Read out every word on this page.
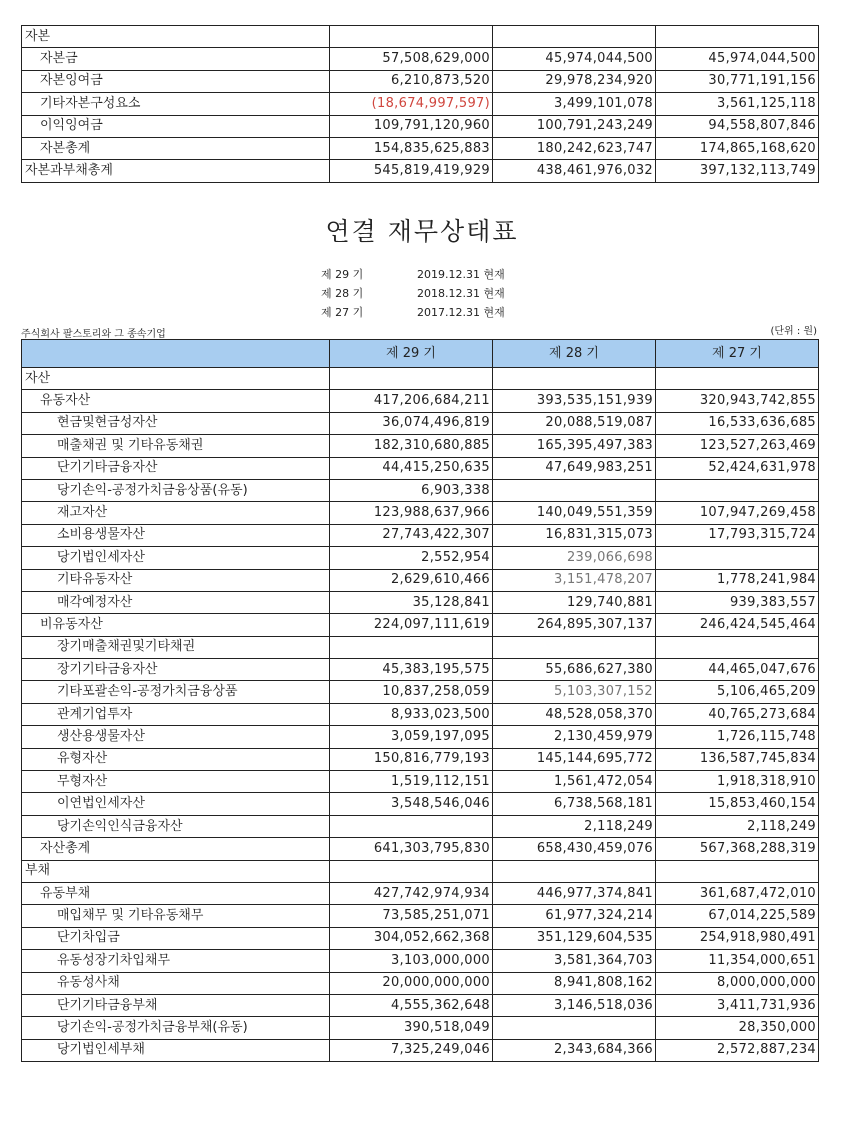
자본			
자본금	57,508,629,000	45,974,044,500	45,974,044,500
자본잉여금	6,210,873,520	29,978,234,920	30,771,191,156
기타자본구성요소	(18,674,997,597)	3,499,101,078	3,561,125,118
이익잉여금	109,791,120,960	100,791,243,249	94,558,807,846
자본총계	154,835,625,883	180,242,623,747	174,865,168,620
자본과부채총계	545,819,419,929	438,461,976,032	397,132,113,749
연결 재무상태표
제 29 기	2019.12.31 현재
제 28 기	2018.12.31 현재
제 27 기	2017.12.31 현재
주식회사 팔스토리와 그 종속기업	(단위 : 원)
	제 29 기	제 28 기	제 27 기
자산			
유동자산	417,206,684,211	393,535,151,939	320,943,742,855
현금및현금성자산	36,074,496,819	20,088,519,087	16,533,636,685
매출채권 및 기타유동채권	182,310,680,885	165,395,497,383	123,527,263,469
단기기타금융자산	44,415,250,635	47,649,983,251	52,424,631,978
당기손익-공정가치금융상품(유동)	6,903,338		
재고자산	123,988,637,966	140,049,551,359	107,947,269,458
소비용생물자산	27,743,422,307	16,831,315,073	17,793,315,724
당기법인세자산	2,552,954	239,066,698	
기타유동자산	2,629,610,466	3,151,478,207	1,778,241,984
매각예정자산	35,128,841	129,740,881	939,383,557
비유동자산	224,097,111,619	264,895,307,137	246,424,545,464
장기매출채권및기타채권			
장기기타금융자산	45,383,195,575	55,686,627,380	44,465,047,676
기타포괄손익-공정가치금융상품	10,837,258,059	5,103,307,152	5,106,465,209
관계기업투자	8,933,023,500	48,528,058,370	40,765,273,684
생산용생물자산	3,059,197,095	2,130,459,979	1,726,115,748
유형자산	150,816,779,193	145,144,695,772	136,587,745,834
무형자산	1,519,112,151	1,561,472,054	1,918,318,910
이연법인세자산	3,548,546,046	6,738,568,181	15,853,460,154
당기손익인식금융자산		2,118,249	2,118,249
자산총계	641,303,795,830	658,430,459,076	567,368,288,319
부채			
유동부채	427,742,974,934	446,977,374,841	361,687,472,010
매입채무 및 기타유동채무	73,585,251,071	61,977,324,214	67,014,225,589
단기차입금	304,052,662,368	351,129,604,535	254,918,980,491
유동성장기차입채무	3,103,000,000	3,581,364,703	11,354,000,651
유동성사채	20,000,000,000	8,941,808,162	8,000,000,000
단기기타금융부채	4,555,362,648	3,146,518,036	3,411,731,936
당기손익-공정가치금융부채(유동)	390,518,049		28,350,000
당기법인세부채	7,325,249,046	2,343,684,366	2,572,887,234
